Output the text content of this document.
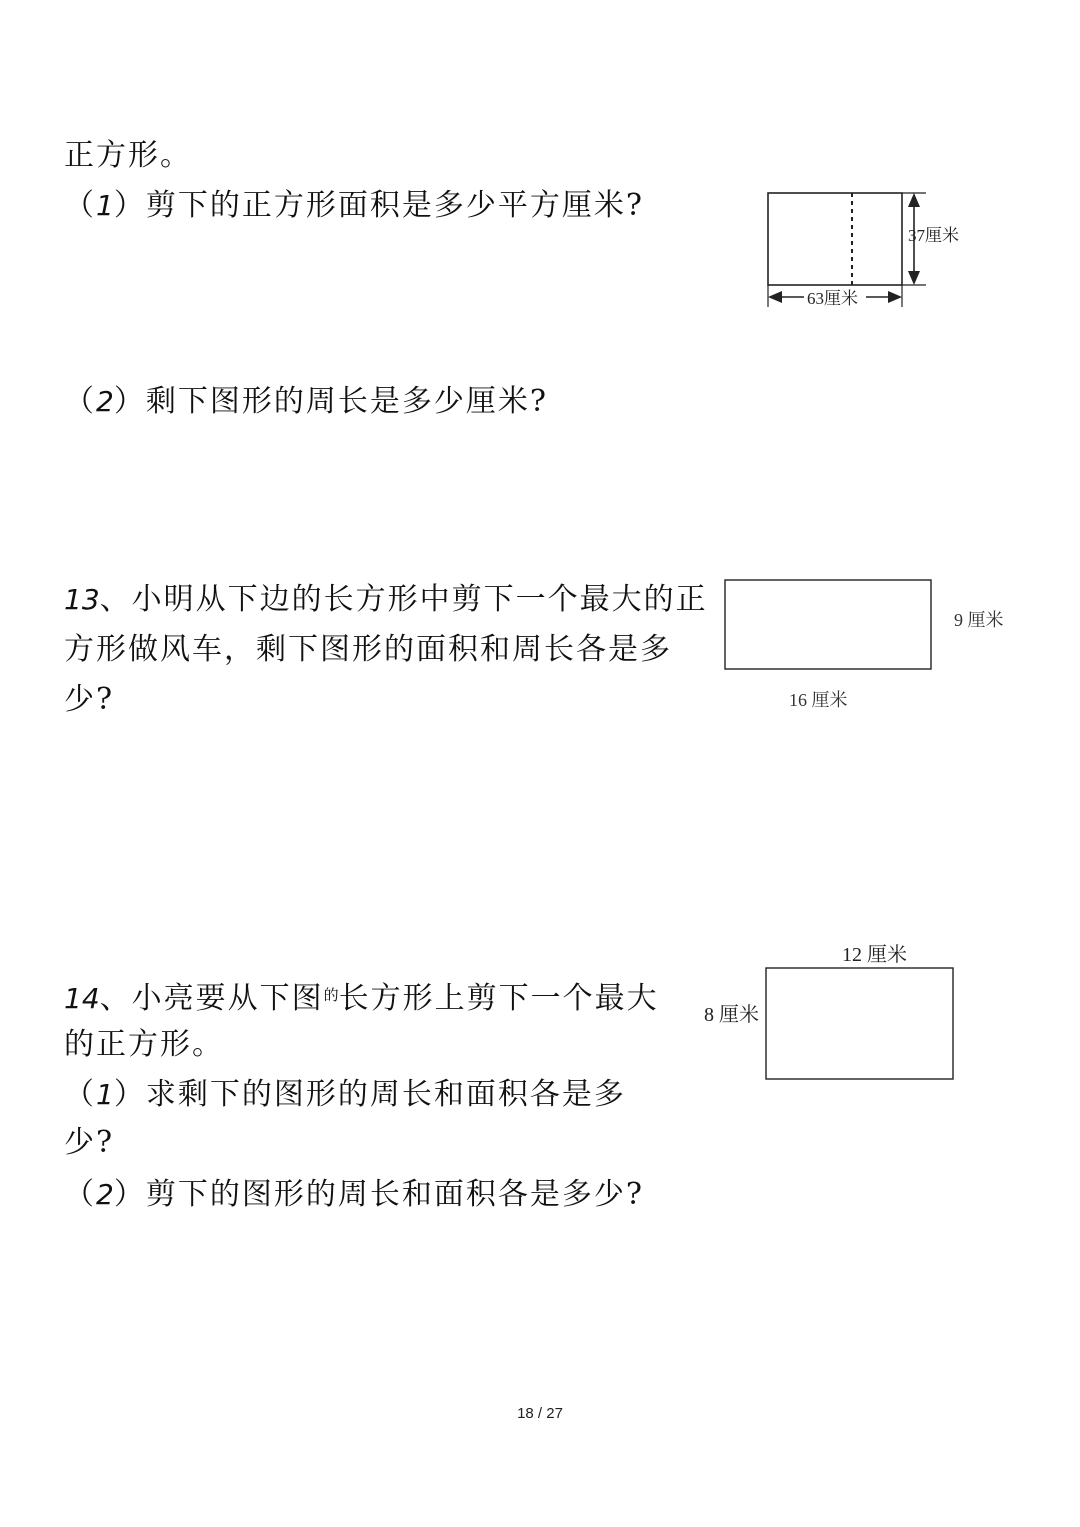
正方形。
（1）剪下的正方形面积是多少平方厘米?
37厘米
63厘米
（2）剩下图形的周长是多少厘米?
13、小明从下边的长方形中剪下一个最大的正
方形做风车，剩下图形的面积和周长各是多
少?
9 厘米
16 厘米
14、小亮要从下图$^的$长方形上剪下一个最大
的正方形。
（1）求剩下的图形的周长和面积各是多
少?
（2）剪下的图形的周长和面积各是多少?
12 厘米
8 厘米
18 / 27
